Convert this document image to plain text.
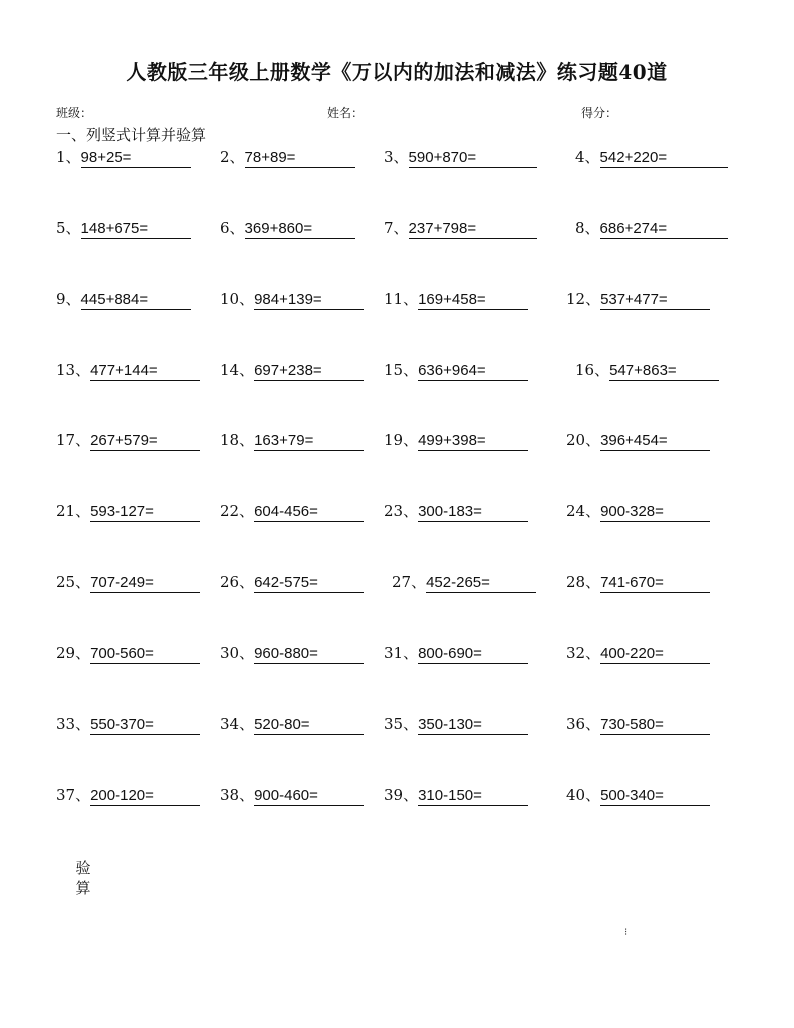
人教版三年级上册数学《万以内的加法和减法》练习题40道
班级：	姓名：	得分：
一、列竖式计算并验算
1、98+25=	2、78+89=	3、590+870=	4、542+220=
5、148+675=	6、369+860=	7、237+798=	8、686+274=
9、445+884=	10、984+139=	11、169+458=	12、537+477=
13、477+144=	14、697+238=	15、636+964=	16、547+863=
17、267+579=	18、163+79=	19、499+398=	20、396+454=
21、593-127=	22、604-456=	23、300-183=	24、900-328=
25、707-249=	26、642-575=	27、452-265=	28、741-670=
29、700-560=	30、960-880=	31、800-690=	32、400-220=
33、550-370=	34、520-80=	35、350-130=	36、730-580=
37、200-120=	38、900-460=	39、310-150=	40、500-340=
验
算
⁝
